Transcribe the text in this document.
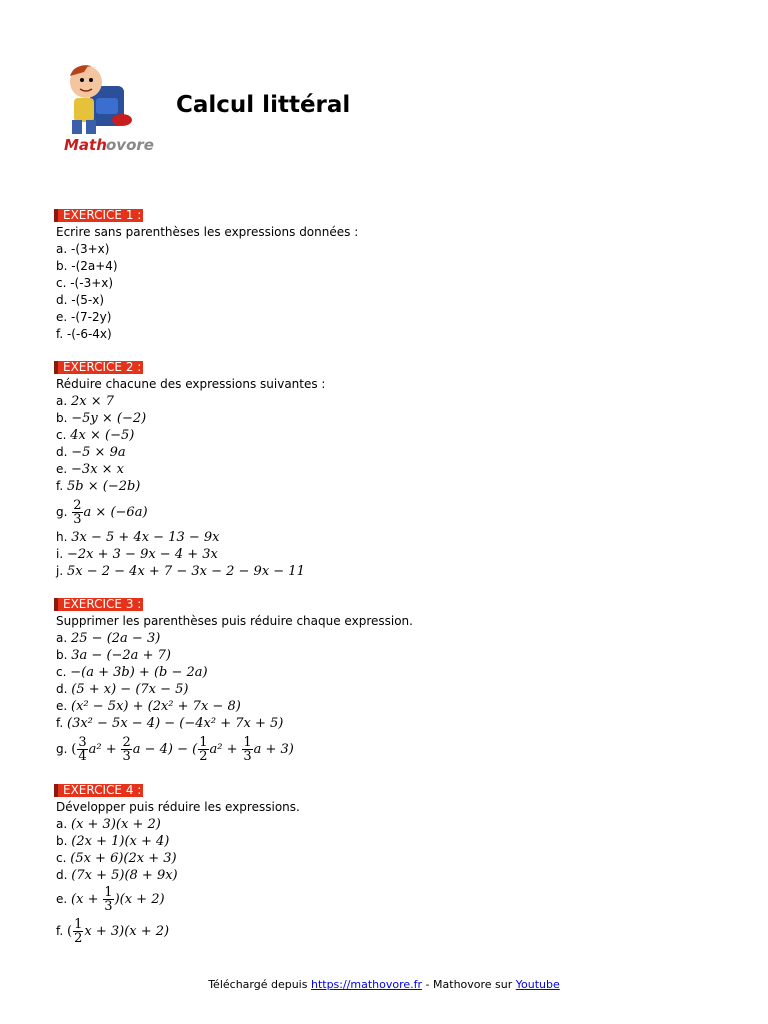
Math ovore
Calcul littéral
EXERCICE 1 :
Ecrire sans parenthèses les expressions données :
a. -(3+x)
b. -(2a+4)
c. -(-3+x)
d. -(5-x)
e. -(7-2y)
f. -(-6-4x)
EXERCICE 2 :
Réduire chacune des expressions suivantes :
a. 2x × 7
b. −5y × (−2)
c. 4x × (−5)
d. −5 × 9a
e. −3x × x
f. 5b × (−2b)
g. $\frac{2}{3}$ a × (−6a)
h. 3x − 5 + 4x − 13 − 9x
i. −2x + 3 − 9x − 4 + 3x
j. 5x − 2 − 4x + 7 − 3x − 2 − 9x − 11
EXERCICE 3 :
Supprimer les parenthèses puis réduire chaque expression.
a. 25 − (2a − 3)
b. 3a − (−2a + 7)
c. −(a + 3b) + (b − 2a)
d. (5 + x) − (7x − 5)
e. (x² − 5x) + (2x² + 7x − 8)
f. (3x² − 5x − 4) − (−4x² + 7x + 5)
g. ( $\frac{3}{4} a^2 + \frac{2}{3}$ a − 4) − ( $\frac{1}{2} a^2 + \frac{1}{3}$ a + 3)
EXERCICE 4 :
Développer puis réduire les expressions.
a. (x + 3)(x + 2)
b. (2x + 1)(x + 4)
c. (5x + 6)(2x + 3)
d. (7x + 5)(8 + 9x)
e. $(x + \frac{1}{3} )(x + 2)$
f. ( $\frac{1}{2}$ x + 3)(x + 2)
Téléchargé depuis https://mathovore.fr - Mathovore sur Youtube
